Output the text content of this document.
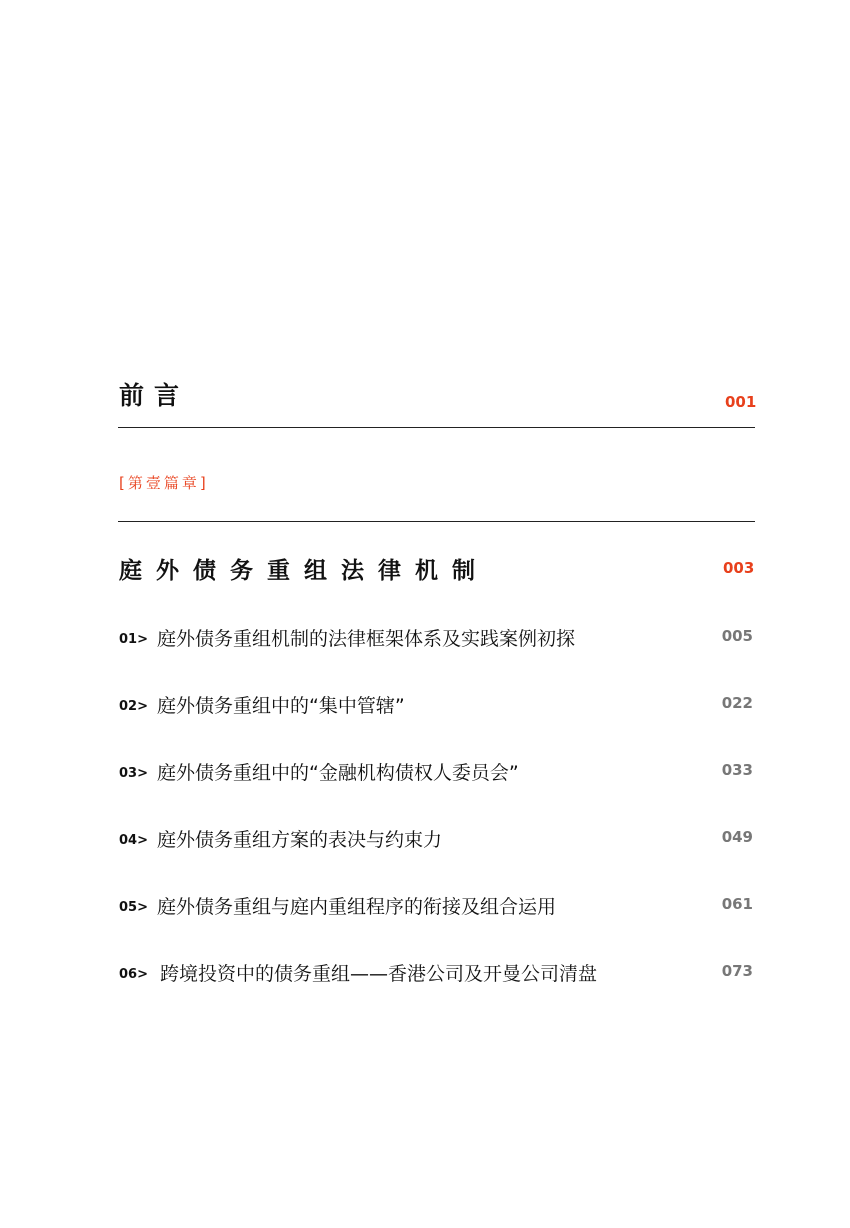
前言	001
[第壹篇章]
庭外债务重组法律机制	003
01> 庭外债务重组机制的法律框架体系及实践案例初探	005
02> 庭外债务重组中的“集中管辖”	022
03> 庭外债务重组中的“金融机构债权人委员会”	033
04> 庭外债务重组方案的表决与约束力	049
05> 庭外债务重组与庭内重组程序的衔接及组合运用	061
06> 跨境投资中的债务重组——香港公司及开曼公司清盘	073
